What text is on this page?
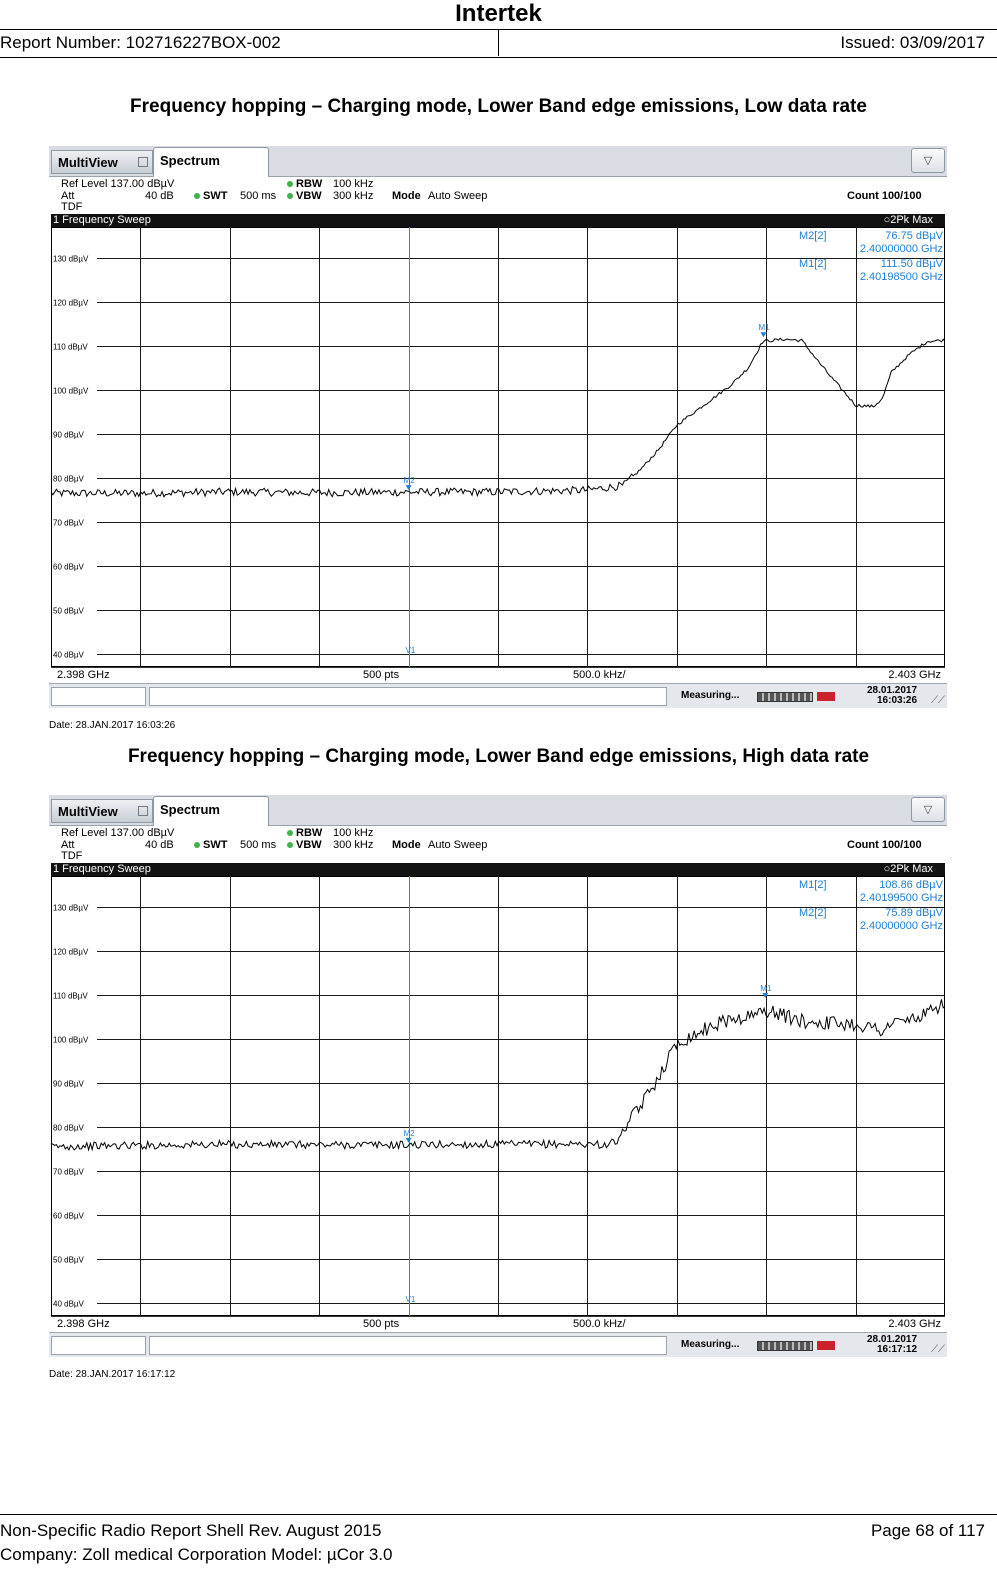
Intertek
Report Number: 102716227BOX-002	Issued: 03/09/2017
Frequency hopping – Charging mode, Lower Band edge emissions, Low data rate
MultiView	Spectrum	▽
Ref Level 137.00 dBµV
Att	40 dB	SWT 500 ms
RBW 100 kHz
VBW 300 kHz Mode Auto Sweep
TDF
Count 100/100
1 Frequency Sweep	○2Pk Max
130 dBµV
120 dBµV
110 dBµV
100 dBµV
90 dBµV
80 dBµV
70 dBµV
60 dBµV
50 dBµV
40 dBµV	V1
M1
M2
M2[2]	76.75 dBµV
2.40000000 GHz
M1[2]	111.50 dBµV
2.40198500 GHz
2.398 GHz	500 pts	500.0 kHz/	2.403 GHz
Measuring...	28.01.2017
16:03:26 ⟋⟋
Date: 28.JAN.2017 16:03:26
Frequency hopping – Charging mode, Lower Band edge emissions, High data rate
MultiView	Spectrum	▽
Ref Level 137.00 dBµV
Att	40 dB	SWT 500 ms
RBW 100 kHz
VBW 300 kHz Mode Auto Sweep
TDF
Count 100/100
1 Frequency Sweep	○2Pk Max
130 dBµV
120 dBµV
110 dBµV
100 dBµV
90 dBµV
80 dBµV
70 dBµV
60 dBµV
50 dBµV
40 dBµV	V1
M1
M2
M1[2]	108.86 dBµV
2.40199500 GHz
M2[2]	75.89 dBµV
2.40000000 GHz
2.398 GHz	500 pts	500.0 kHz/	2.403 GHz
Measuring...	28.01.2017
16:17:12 ⟋⟋
Date: 28.JAN.2017 16:17:12
Non-Specific Radio Report Shell Rev. August 2015	Page 68 of 117
Company: Zoll medical Corporation Model: µCor 3.0
